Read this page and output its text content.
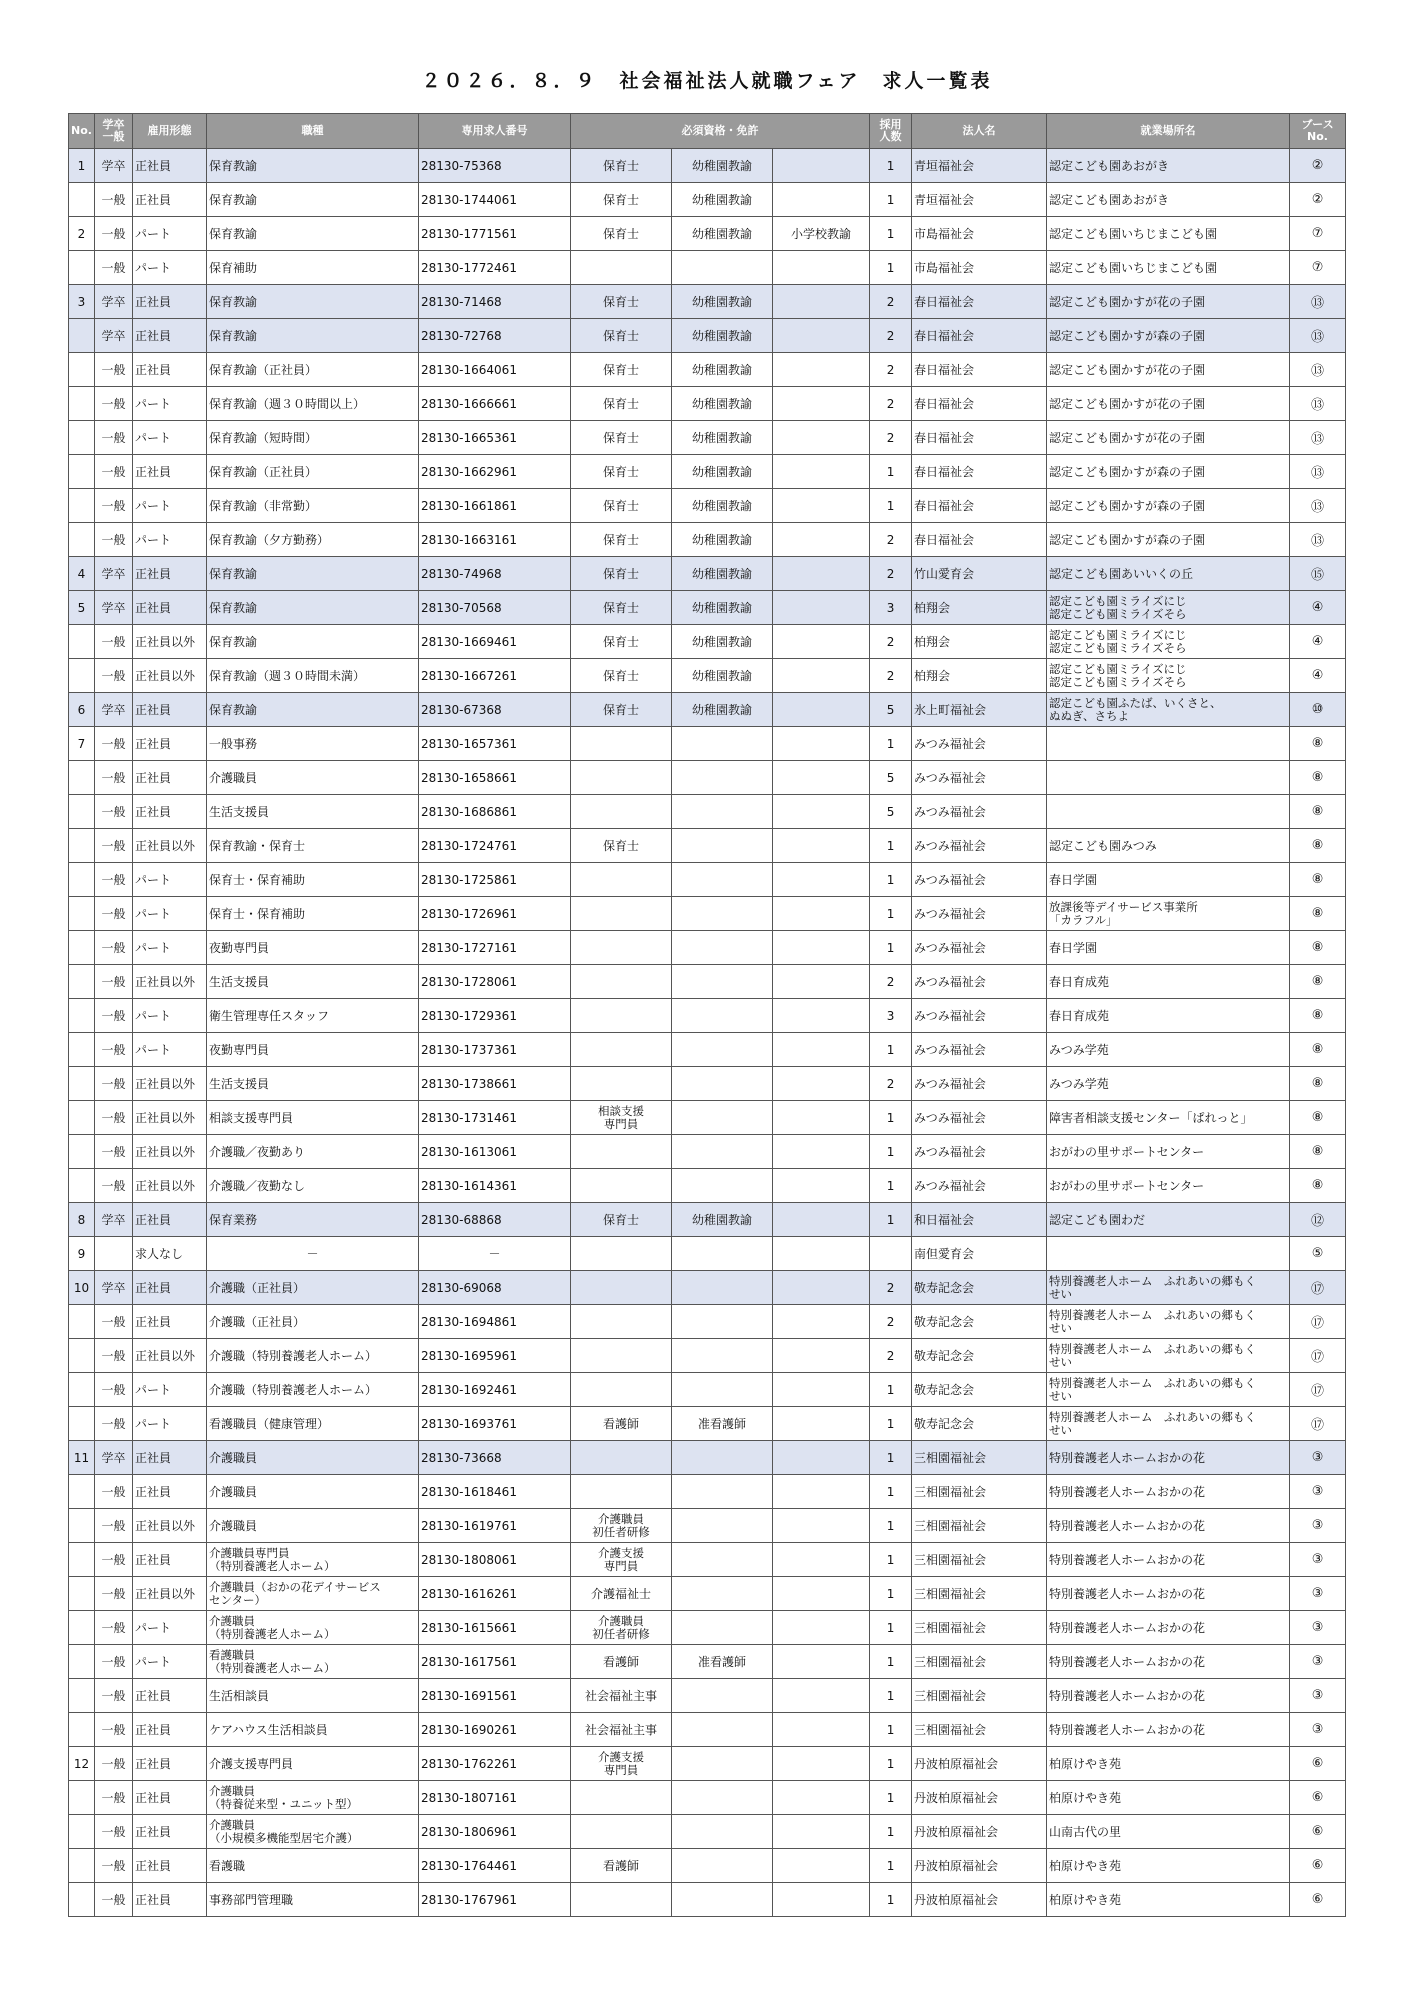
２０２６．８．９　社会福祉法人就職フェア　求人一覧表
No.	学卒
一般	雇用形態	職種	専用求人番号	必須資格・免許			採用
人数	法人名	就業場所名	ブース
No.
1	学卒	正社員	保育教諭	28130-75368	保育士	幼稚園教諭		1	青垣福祉会	認定こども園あおがき	②
	一般	正社員	保育教諭	28130-1744061	保育士	幼稚園教諭		1	青垣福祉会	認定こども園あおがき	②
2	一般	パート	保育教諭	28130-1771561	保育士	幼稚園教諭	小学校教諭	1	市島福祉会	認定こども園いちじまこども園	⑦
	一般	パート	保育補助	28130-1772461				1	市島福祉会	認定こども園いちじまこども園	⑦
3	学卒	正社員	保育教諭	28130-71468	保育士	幼稚園教諭		2	春日福祉会	認定こども園かすが花の子園	⑬
	学卒	正社員	保育教諭	28130-72768	保育士	幼稚園教諭		2	春日福祉会	認定こども園かすが森の子園	⑬
	一般	正社員	保育教諭（正社員）	28130-1664061	保育士	幼稚園教諭		2	春日福祉会	認定こども園かすが花の子園	⑬
	一般	パート	保育教諭（週３０時間以上）	28130-1666661	保育士	幼稚園教諭		2	春日福祉会	認定こども園かすが花の子園	⑬
	一般	パート	保育教諭（短時間）	28130-1665361	保育士	幼稚園教諭		2	春日福祉会	認定こども園かすが花の子園	⑬
	一般	正社員	保育教諭（正社員）	28130-1662961	保育士	幼稚園教諭		1	春日福祉会	認定こども園かすが森の子園	⑬
	一般	パート	保育教諭（非常勤）	28130-1661861	保育士	幼稚園教諭		1	春日福祉会	認定こども園かすが森の子園	⑬
	一般	パート	保育教諭（夕方勤務）	28130-1663161	保育士	幼稚園教諭		2	春日福祉会	認定こども園かすが森の子園	⑬
4	学卒	正社員	保育教諭	28130-74968	保育士	幼稚園教諭		2	竹山愛育会	認定こども園あいいくの丘	⑮
5	学卒	正社員	保育教諭	28130-70568	保育士	幼稚園教諭		3	柏翔会	認定こども園ミライズにじ
認定こども園ミライズそら	④
	一般	正社員以外	保育教諭	28130-1669461	保育士	幼稚園教諭		2	柏翔会	認定こども園ミライズにじ
認定こども園ミライズそら	④
	一般	正社員以外	保育教諭（週３０時間未満）	28130-1667261	保育士	幼稚園教諭		2	柏翔会	認定こども園ミライズにじ
認定こども園ミライズそら	④
6	学卒	正社員	保育教諭	28130-67368	保育士	幼稚園教諭		5	氷上町福祉会	認定こども園ふたば、いくさと、
ぬぬぎ、さちよ	⑩
7	一般	正社員	一般事務	28130-1657361				1	みつみ福祉会		⑧
	一般	正社員	介護職員	28130-1658661				5	みつみ福祉会		⑧
	一般	正社員	生活支援員	28130-1686861				5	みつみ福祉会		⑧
	一般	正社員以外	保育教諭・保育士	28130-1724761	保育士			1	みつみ福祉会	認定こども園みつみ	⑧
	一般	パート	保育士・保育補助	28130-1725861				1	みつみ福祉会	春日学園	⑧
	一般	パート	保育士・保育補助	28130-1726961				1	みつみ福祉会	放課後等デイサービス事業所
「カラフル」	⑧
	一般	パート	夜勤専門員	28130-1727161				1	みつみ福祉会	春日学園	⑧
	一般	正社員以外	生活支援員	28130-1728061				2	みつみ福祉会	春日育成苑	⑧
	一般	パート	衛生管理専任スタッフ	28130-1729361				3	みつみ福祉会	春日育成苑	⑧
	一般	パート	夜勤専門員	28130-1737361				1	みつみ福祉会	みつみ学苑	⑧
	一般	正社員以外	生活支援員	28130-1738661				2	みつみ福祉会	みつみ学苑	⑧
	一般	正社員以外	相談支援専門員	28130-1731461	相談支援
専門員			1	みつみ福祉会	障害者相談支援センター「ぱれっと」	⑧
	一般	正社員以外	介護職／夜勤あり	28130-1613061				1	みつみ福祉会	おがわの里サポートセンター	⑧
	一般	正社員以外	介護職／夜勤なし	28130-1614361				1	みつみ福祉会	おがわの里サポートセンター	⑧
8	学卒	正社員	保育業務	28130-68868	保育士	幼稚園教諭		1	和日福祉会	認定こども園わだ	⑫
9		求人なし	－	－					南但愛育会		⑤
10	学卒	正社員	介護職（正社員）	28130-69068				2	敬寿記念会	特別養護老人ホーム　ふれあいの郷もく
せい	⑰
	一般	正社員	介護職（正社員）	28130-1694861				2	敬寿記念会	特別養護老人ホーム　ふれあいの郷もく
せい	⑰
	一般	正社員以外	介護職（特別養護老人ホーム）	28130-1695961				2	敬寿記念会	特別養護老人ホーム　ふれあいの郷もく
せい	⑰
	一般	パート	介護職（特別養護老人ホーム）	28130-1692461				1	敬寿記念会	特別養護老人ホーム　ふれあいの郷もく
せい	⑰
	一般	パート	看護職員（健康管理）	28130-1693761	看護師	准看護師		1	敬寿記念会	特別養護老人ホーム　ふれあいの郷もく
せい	⑰
11	学卒	正社員	介護職員	28130-73668				1	三相園福祉会	特別養護老人ホームおかの花	③
	一般	正社員	介護職員	28130-1618461				1	三相園福祉会	特別養護老人ホームおかの花	③
	一般	正社員以外	介護職員	28130-1619761	介護職員
初任者研修			1	三相園福祉会	特別養護老人ホームおかの花	③
	一般	正社員	介護職員専門員
（特別養護老人ホーム）	28130-1808061	介護支援
専門員			1	三相園福祉会	特別養護老人ホームおかの花	③
	一般	正社員以外	介護職員（おかの花デイサービス
センター）	28130-1616261	介護福祉士			1	三相園福祉会	特別養護老人ホームおかの花	③
	一般	パート	介護職員
（特別養護老人ホーム）	28130-1615661	介護職員
初任者研修			1	三相園福祉会	特別養護老人ホームおかの花	③
	一般	パート	看護職員
（特別養護老人ホーム）	28130-1617561	看護師	准看護師		1	三相園福祉会	特別養護老人ホームおかの花	③
	一般	正社員	生活相談員	28130-1691561	社会福祉主事			1	三相園福祉会	特別養護老人ホームおかの花	③
	一般	正社員	ケアハウス生活相談員	28130-1690261	社会福祉主事			1	三相園福祉会	特別養護老人ホームおかの花	③
12	一般	正社員	介護支援専門員	28130-1762261	介護支援
専門員			1	丹波柏原福祉会	柏原けやき苑	⑥
	一般	正社員	介護職員
（特養従来型・ユニット型）	28130-1807161				1	丹波柏原福祉会	柏原けやき苑	⑥
	一般	正社員	介護職員
（小規模多機能型居宅介護）	28130-1806961				1	丹波柏原福祉会	山南古代の里	⑥
	一般	正社員	看護職	28130-1764461	看護師			1	丹波柏原福祉会	柏原けやき苑	⑥
	一般	正社員	事務部門管理職	28130-1767961				1	丹波柏原福祉会	柏原けやき苑	⑥
